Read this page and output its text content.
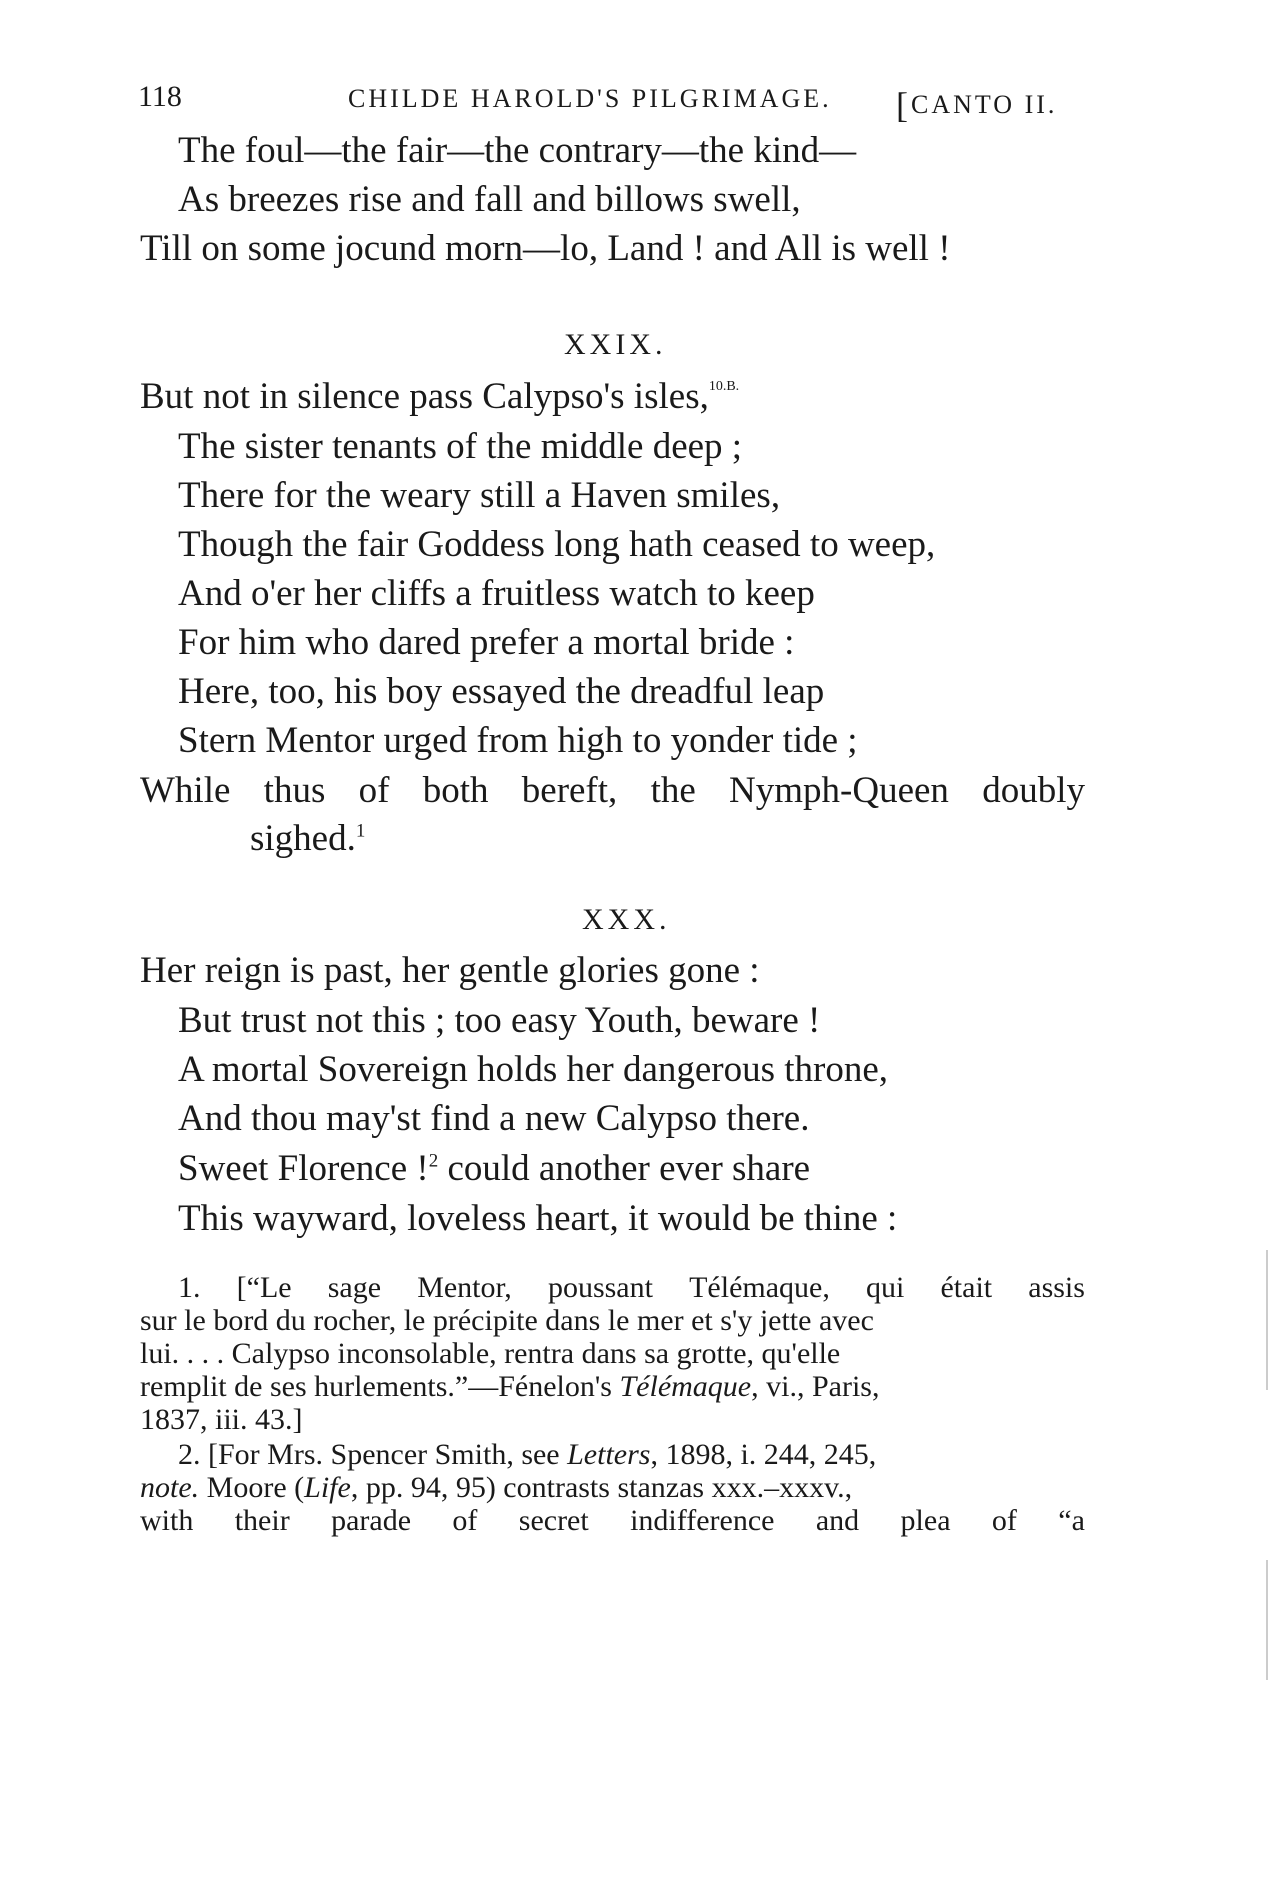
118	CHILDE HAROLD'S PILGRIMAGE. [CANTO II.
The foul—the fair—the contrary—the kind—
As breezes rise and fall and billows swell,
Till on some jocund morn—lo, Land ! and All is well !
XXIX.
But not in silence pass Calypso's isles,$^{10.B.}$
The sister tenants of the middle deep ;
There for the weary still a Haven smiles,
Though the fair Goddess long hath ceased to weep,
And o'er her cliffs a fruitless watch to keep
For him who dared prefer a mortal bride :
Here, too, his boy essayed the dreadful leap
Stern Mentor urged from high to yonder tide ;
While thus of both bereft, the Nymph-Queen doubly
sighed.$^1$
XXX.
Her reign is past, her gentle glories gone :
But trust not this ; too easy Youth, beware !
A mortal Sovereign holds her dangerous throne,
And thou may'st find a new Calypso there.
Sweet Florence !$^2$ could another ever share
This wayward, loveless heart, it would be thine :
1. [“Le sage Mentor, poussant Télémaque, qui était assis
sur le bord du rocher, le précipite dans le mer et s'y jette avec
lui. . . . Calypso inconsolable, rentra dans sa grotte, qu'elle
remplit de ses hurlements.”—Fénelon's Télémaque, vi., Paris,
1837, iii. 43.]
2. [For Mrs. Spencer Smith, see Letters, 1898, i. 244, 245,
note. Moore (Life, pp. 94, 95) contrasts stanzas xxx.–xxxv.,
with their parade of secret indifference and plea of “a
